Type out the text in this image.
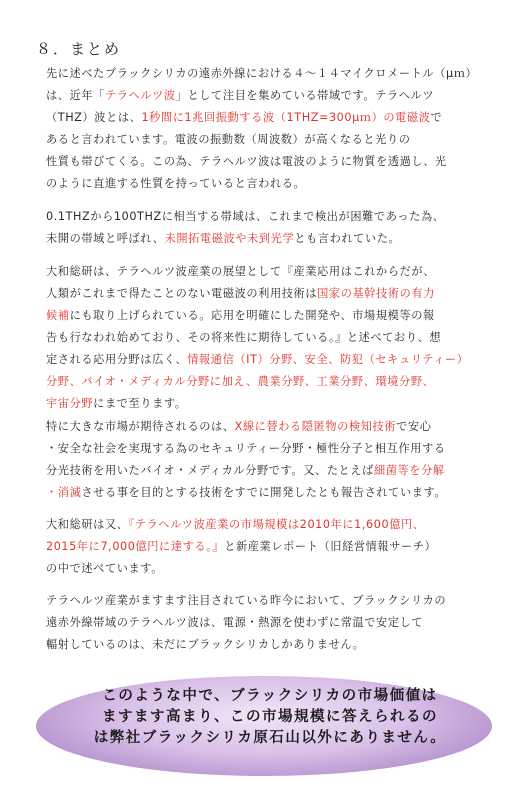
８．まとめ

先に述べたブラックシリカの遠赤外線における４～１４マイクロメートル（μｍ）
は、近年「テラヘルツ波」として注目を集めている帯域です。テラヘルツ
（THZ）波とは、1秒間に1兆回振動する波（1THZ=300μｍ）の電磁波で
あると言われています。電波の振動数（周波数）が高くなると光りの
性質も帯びてくる。この為、テラヘルツ波は電波のように物質を透過し、光
のように直進する性質を持っていると言われる。

0.1THZから100THZに相当する帯域は、これまで検出が困難であった為、
未開の帯域と呼ばれ、未開拓電磁波や未到光学とも言われていた。

大和総研は、テラヘルツ波産業の展望として『産業応用はこれからだが、
人類がこれまで得たことのない電磁波の利用技術は国家の基幹技術の有力
候補にも取り上げられている。応用を明確にした開発や、市場規模等の報
告も行なわれ始めており、その将来性に期待している。』と述べており、想
定される応用分野は広く、情報通信（IT）分野、安全、防犯（セキュリティー）
分野、バイオ・メディカル分野に加え、農業分野、工業分野、環境分野、
宇宙分野にまで至ります。

特に大きな市場が期待されるのは、X線に替わる隠匿物の検知技術で安心
・安全な社会を実現する為のセキュリティー分野・極性分子と相互作用する
分光技術を用いたバイオ・メディカル分野です。又、たとえば細菌等を分解
・消滅させる事を目的とする技術をすでに開発したとも報告されています。

大和総研は又、『テラヘルツ波産業の市場規模は2010年に1,600億円、
2015年に7,000億円に達する。』と新産業レポート（旧経営情報サーチ）
の中で述べています。

テラヘルツ産業がますます注目されている昨今において、ブラックシリカの
遠赤外線帯域のテラヘルツ波は、電源・熱源を使わずに常温で安定して
輻射しているのは、未だにブラックシリカしかありません。

このような中で、ブラックシリカの市場価値は
ますます高まり、この市場規模に答えられるの
は弊社ブラックシリカ原石山以外にありません。
